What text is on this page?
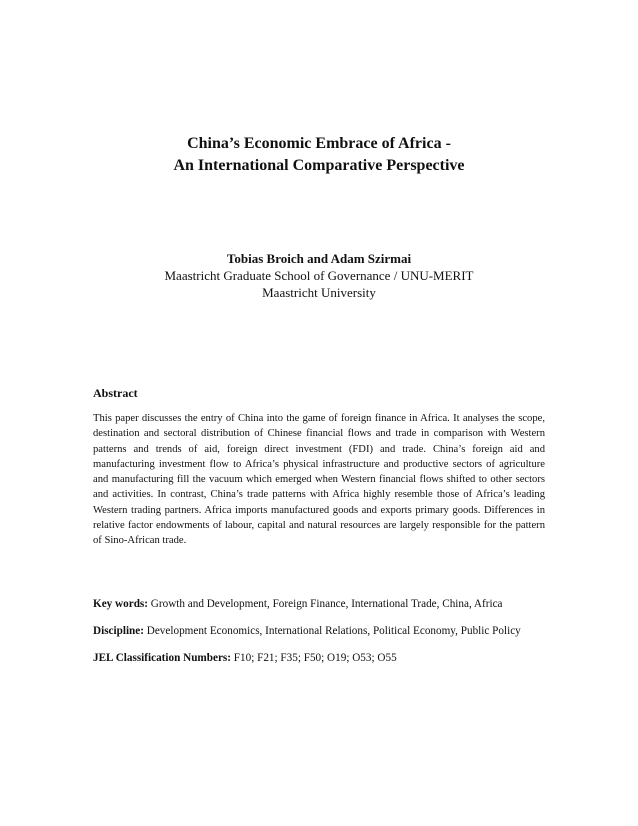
China’s Economic Embrace of Africa -
An International Comparative Perspective
Tobias Broich and Adam Szirmai
Maastricht Graduate School of Governance / UNU-MERIT
Maastricht University
Abstract
This paper discusses the entry of China into the game of foreign finance in Africa. It analyses the scope, destination and sectoral distribution of Chinese financial flows and trade in comparison with Western patterns and trends of aid, foreign direct investment (FDI) and trade. China’s foreign aid and manufacturing investment flow to Africa’s physical infrastructure and productive sectors of agriculture and manufacturing fill the vacuum which emerged when Western financial flows shifted to other sectors and activities. In contrast, China’s trade patterns with Africa highly resemble those of Africa’s leading Western trading partners. Africa imports manufactured goods and exports primary goods. Differences in relative factor endowments of labour, capital and natural resources are largely responsible for the pattern of Sino-African trade.
Key words: Growth and Development, Foreign Finance, International Trade, China, Africa
Discipline: Development Economics, International Relations, Political Economy, Public Policy
JEL Classification Numbers: F10; F21; F35; F50; O19; O53; O55
